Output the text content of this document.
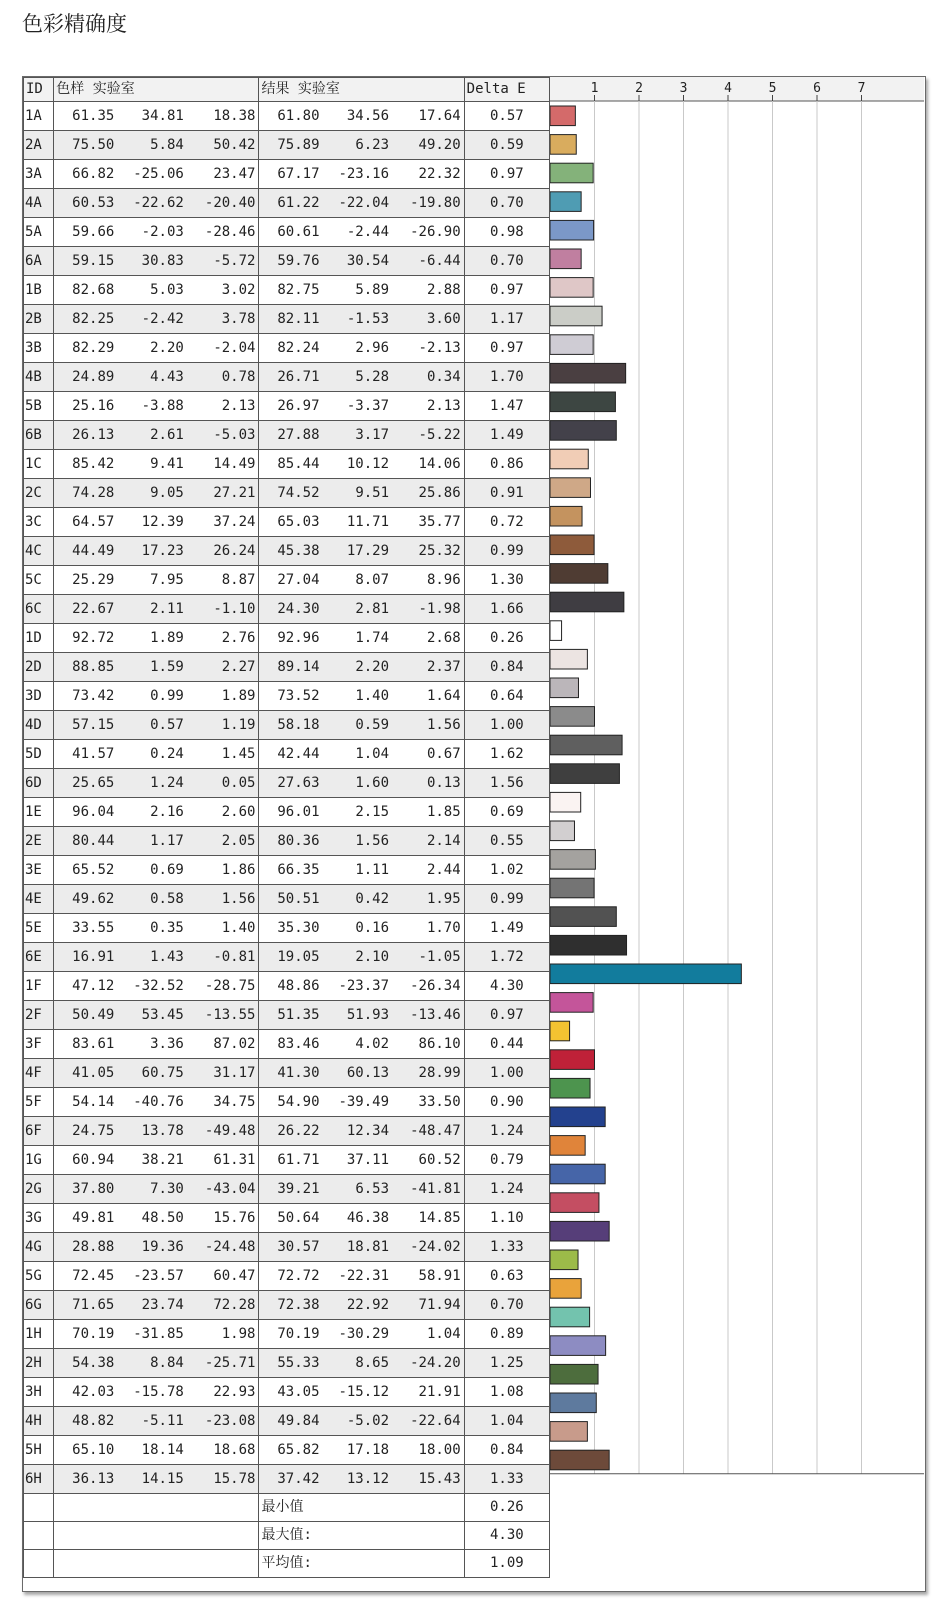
色彩精确度
ID	色样 实验室			结果 实验室			Delta E
1A	61.35	34.81	18.38	61.80	34.56	17.64	0.57
2A	75.50	5.84	50.42	75.89	6.23	49.20	0.59
3A	66.82	-25.06	23.47	67.17	-23.16	22.32	0.97
4A	60.53	-22.62	-20.40	61.22	-22.04	-19.80	0.70
5A	59.66	-2.03	-28.46	60.61	-2.44	-26.90	0.98
6A	59.15	30.83	-5.72	59.76	30.54	-6.44	0.70
1B	82.68	5.03	3.02	82.75	5.89	2.88	0.97
2B	82.25	-2.42	3.78	82.11	-1.53	3.60	1.17
3B	82.29	2.20	-2.04	82.24	2.96	-2.13	0.97
4B	24.89	4.43	0.78	26.71	5.28	0.34	1.70
5B	25.16	-3.88	2.13	26.97	-3.37	2.13	1.47
6B	26.13	2.61	-5.03	27.88	3.17	-5.22	1.49
1C	85.42	9.41	14.49	85.44	10.12	14.06	0.86
2C	74.28	9.05	27.21	74.52	9.51	25.86	0.91
3C	64.57	12.39	37.24	65.03	11.71	35.77	0.72
4C	44.49	17.23	26.24	45.38	17.29	25.32	0.99
5C	25.29	7.95	8.87	27.04	8.07	8.96	1.30
6C	22.67	2.11	-1.10	24.30	2.81	-1.98	1.66
1D	92.72	1.89	2.76	92.96	1.74	2.68	0.26
2D	88.85	1.59	2.27	89.14	2.20	2.37	0.84
3D	73.42	0.99	1.89	73.52	1.40	1.64	0.64
4D	57.15	0.57	1.19	58.18	0.59	1.56	1.00
5D	41.57	0.24	1.45	42.44	1.04	0.67	1.62
6D	25.65	1.24	0.05	27.63	1.60	0.13	1.56
1E	96.04	2.16	2.60	96.01	2.15	1.85	0.69
2E	80.44	1.17	2.05	80.36	1.56	2.14	0.55
3E	65.52	0.69	1.86	66.35	1.11	2.44	1.02
4E	49.62	0.58	1.56	50.51	0.42	1.95	0.99
5E	33.55	0.35	1.40	35.30	0.16	1.70	1.49
6E	16.91	1.43	-0.81	19.05	2.10	-1.05	1.72
1F	47.12	-32.52	-28.75	48.86	-23.37	-26.34	4.30
2F	50.49	53.45	-13.55	51.35	51.93	-13.46	0.97
3F	83.61	3.36	87.02	83.46	4.02	86.10	0.44
4F	41.05	60.75	31.17	41.30	60.13	28.99	1.00
5F	54.14	-40.76	34.75	54.90	-39.49	33.50	0.90
6F	24.75	13.78	-49.48	26.22	12.34	-48.47	1.24
1G	60.94	38.21	61.31	61.71	37.11	60.52	0.79
2G	37.80	7.30	-43.04	39.21	6.53	-41.81	1.24
3G	49.81	48.50	15.76	50.64	46.38	14.85	1.10
4G	28.88	19.36	-24.48	30.57	18.81	-24.02	1.33
5G	72.45	-23.57	60.47	72.72	-22.31	58.91	0.63
6G	71.65	23.74	72.28	72.38	22.92	71.94	0.70
1H	70.19	-31.85	1.98	70.19	-30.29	1.04	0.89
2H	54.38	8.84	-25.71	55.33	8.65	-24.20	1.25
3H	42.03	-15.78	22.93	43.05	-15.12	21.91	1.08
4H	48.82	-5.11	-23.08	49.84	-5.02	-22.64	1.04
5H	65.10	18.14	18.68	65.82	17.18	18.00	0.84
6H	36.13	14.15	15.78	37.42	13.12	15.43	1.33
				最小值			0.26
				最大值:			4.30
				平均值:			1.09
1	2	3	4	5	6	7
